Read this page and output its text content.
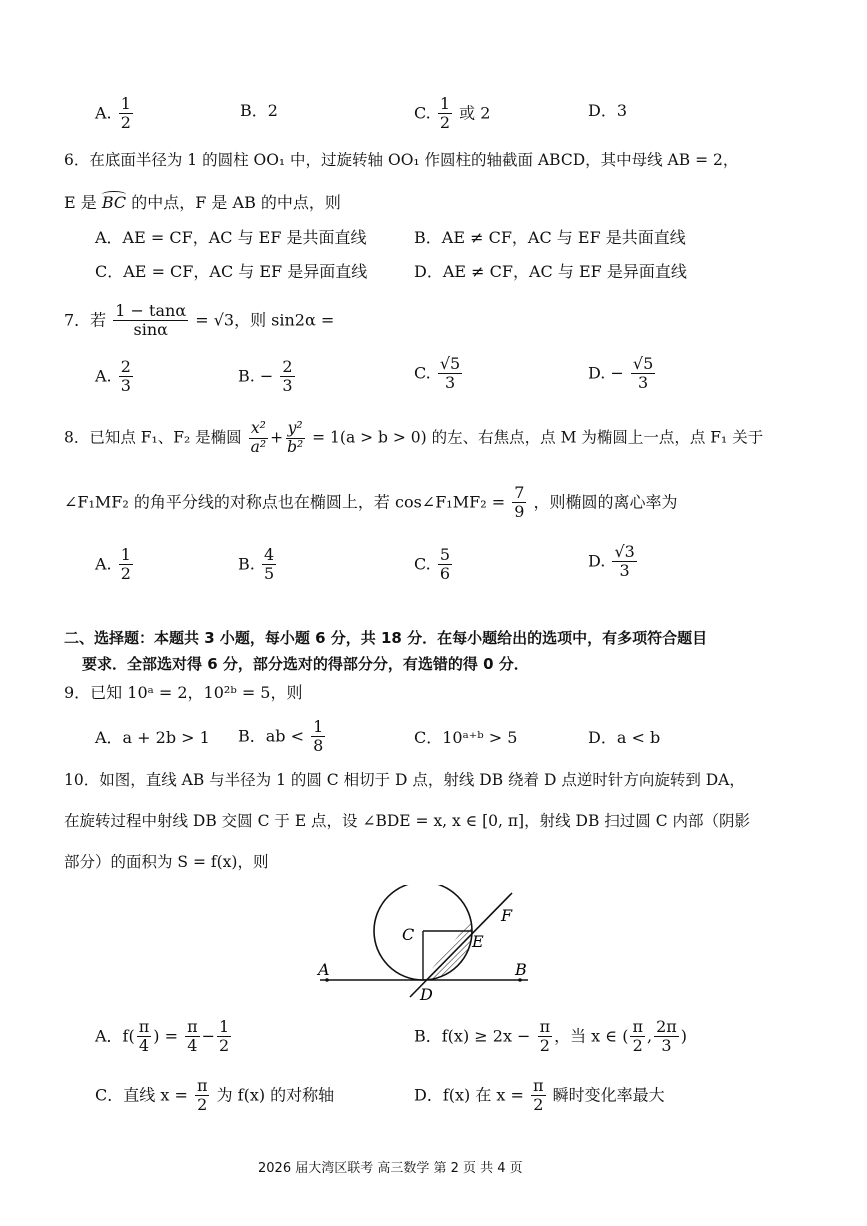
A. $\frac{1}{2}$	B．2	C. $\frac{1}{2}$ 或 2	D．3
6．在底面半径为 1 的圆柱 OO₁ 中，过旋转轴 OO₁ 作圆柱的轴截面 ABCD，其中母线 AB = 2，
E 是 BC 的中点，F 是 AB 的中点，则
A．AE = CF，AC 与 EF 是共面直线	B．AE ≠ CF，AC 与 EF 是共面直线
C．AE = CF，AC 与 EF 是异面直线	D．AE ≠ CF，AC 与 EF 是异面直线
7．若 $\frac{1 - \tan\alpha}{\sin\alpha} = √3$，则 sin2α =
A. $\frac{2}{3}$	B. − $\frac{2}{3}$	C. $\frac{√5}{3}$	D. − $\frac{√5}{3}$
8．已知点 F₁、F₂ 是椭圆 $\frac{\text{x²}}{\text{a²}} + \frac{\text{y²}}{\text{b²}} = 1(a > b > 0)$ 的左、右焦点，点 M 为椭圆上一点，点 F₁ 关于
∠F₁MF₂ 的角平分线的对称点也在椭圆上，若 cos∠F₁MF₂ = $\frac{7}{9}$ ，则椭圆的离心率为
A. $\frac{1}{2}$	B. $\frac{4}{5}$	C. $\frac{5}{6}$	D. $\frac{√3}{3}$
二、选择题：本题共 3 小题，每小题 6 分，共 18 分．在每小题给出的选项中，有多项符合题目
要求．全部选对得 6 分，部分选对的得部分分，有选错的得 0 分．
9．已知 10ᵃ = 2，10²ᵇ = 5，则
A．a + 2b > 1 B．ab < $\frac{1}{8}$	C．10ᵃ⁺ᵇ > 5	D．a < b
10．如图，直线 AB 与半径为 1 的圆 C 相切于 D 点，射线 DB 绕着 D 点逆时针方向旋转到 DA，
在旋转过程中射线 DB 交圆 C 于 E 点，设 ∠BDE = x, x ∈ [0, π]，射线 DB 扫过圆 C 内部（阴影
部分）的面积为 S = f(x)，则
A	B
C
D
E
F
A．$f( \frac{\pi}{4}$ ) = $\frac{\pi}{4} - \frac{1}{2}$	B．$f(x) \ge 2x - \frac{\pi}{2}$ ，当 x ∈ ( $\frac{\pi}{2}$ , $\frac{2\pi}{3}$ )
C．直线 $x = \frac{\pi}{2}$ 为 f(x) 的对称轴	D．f(x) 在 $x = \frac{\pi}{2}$ 瞬时变化率最大
2026 届大湾区联考 高三数学 第 2 页 共 4 页
